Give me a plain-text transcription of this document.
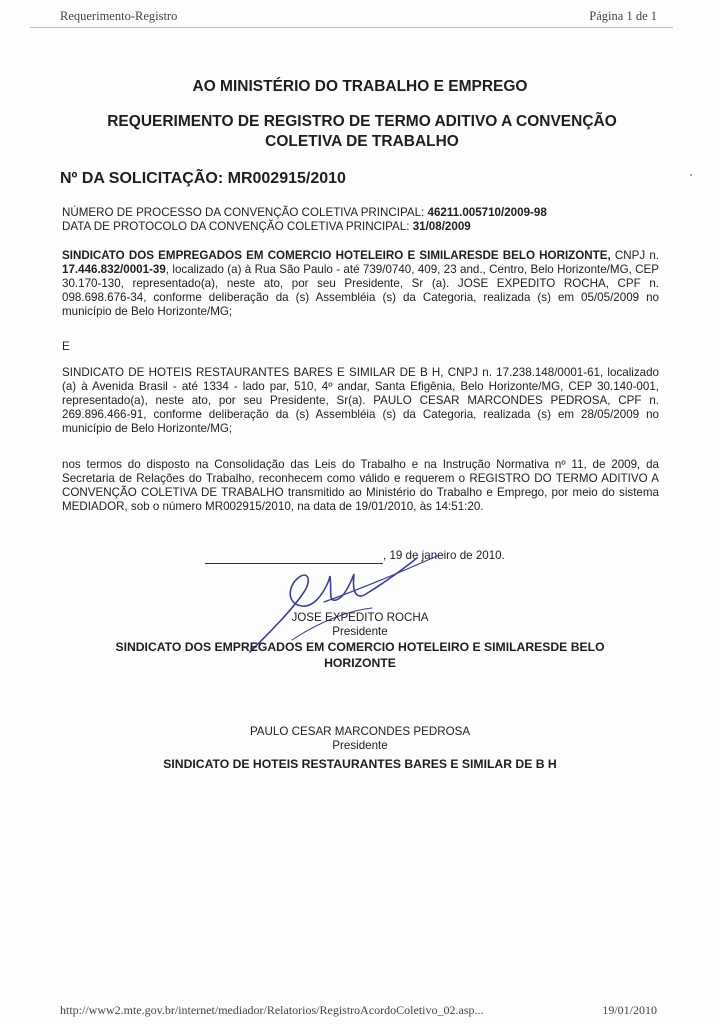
Requerimento-Registro	Página 1 de 1
AO MINISTÉRIO DO TRABALHO E EMPREGO
REQUERIMENTO DE REGISTRO DE TERMO ADITIVO A CONVENÇÃO COLETIVA DE TRABALHO
Nº DA SOLICITAÇÃO: MR002915/2010
NÚMERO DE PROCESSO DA CONVENÇÃO COLETIVA PRINCIPAL: 46211.005710/2009-98
DATA DE PROTOCOLO DA CONVENÇÃO COLETIVA PRINCIPAL: 31/08/2009
SINDICATO DOS EMPREGADOS EM COMERCIO HOTELEIRO E SIMILARESDE BELO HORIZONTE, CNPJ n. 17.446.832/0001-39, localizado (a) à Rua São Paulo - até 739/0740, 409, 23 and., Centro, Belo Horizonte/MG, CEP 30.170-130, representado(a), neste ato, por seu Presidente, Sr (a). JOSE EXPEDITO ROCHA, CPF n. 098.698.676-34, conforme deliberação da (s) Assembléia (s) da Categoria, realizada (s) em 05/05/2009 no município de Belo Horizonte/MG;
E
SINDICATO DE HOTEIS RESTAURANTES BARES E SIMILAR DE B H, CNPJ n. 17.238.148/0001-61, localizado (a) à Avenida Brasil - até 1334 - lado par, 510, 4º andar, Santa Efigênia, Belo Horizonte/MG, CEP 30.140-001, representado(a), neste ato, por seu Presidente, Sr(a). PAULO CESAR MARCONDES PEDROSA, CPF n. 269.896.466-91, conforme deliberação da (s) Assembléia (s) da Categoria, realizada (s) em 28/05/2009 no município de Belo Horizonte/MG;
nos termos do disposto na Consolidação das Leis do Trabalho e na Instrução Normativa nº 11, de 2009, da Secretaria de Relações do Trabalho, reconhecem como válido e requerem o REGISTRO DO TERMO ADITIVO A CONVENÇÃO COLETIVA DE TRABALHO transmitido ao Ministério do Trabalho e Emprego, por meio do sistema MEDIADOR, sob o número MR002915/2010, na data de 19/01/2010, às 14:51:20.
, 19 de janeiro de 2010.
JOSE EXPEDITO ROCHA
Presidente
SINDICATO DOS EMPREGADOS EM COMERCIO HOTELEIRO E SIMILARESDE BELO HORIZONTE
PAULO CESAR MARCONDES PEDROSA
Presidente
SINDICATO DE HOTEIS RESTAURANTES BARES E SIMILAR DE B H
http://www2.mte.gov.br/internet/mediador/Relatorios/RegistroAcordoColetivo_02.asp...	19/01/2010
